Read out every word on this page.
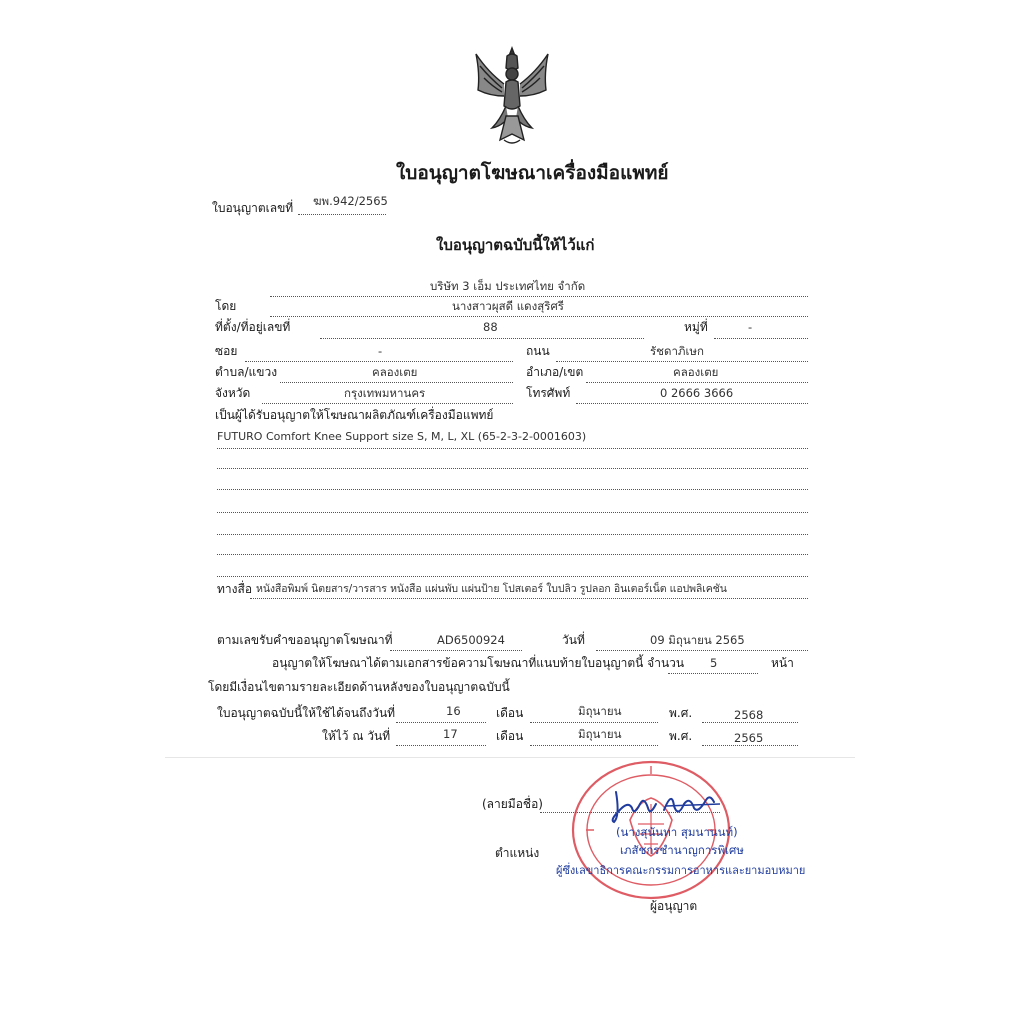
ใบอนุญาตโฆษณาเครื่องมือแพทย์
ใบอนุญาตเลขที่ ฆพ.942/2565
ใบอนุญาตฉบับนี้ให้ไว้แก่
บริษัท 3 เอ็ม ประเทศไทย จำกัด
โดย	นางสาวผุสดี แดงสุริศรี
ที่ตั้ง/ที่อยู่เลขที่	88	หมู่ที่	-
ซอย	-	ถนน	รัชดาภิเษก
ตำบล/แขวง	คลองเตย	อำเภอ/เขต	คลองเตย
จังหวัด	กรุงเทพมหานคร	โทรศัพท์	0 2666 3666
เป็นผู้ได้รับอนุญาตให้โฆษณาผลิตภัณฑ์เครื่องมือแพทย์
FUTURO Comfort Knee Support size S, M, L, XL (65-2-3-2-0001603)
ทางสื่อ หนังสือพิมพ์ นิตยสาร/วารสาร หนังสือ แผ่นพับ แผ่นป้าย โปสเตอร์ ใบปลิว รูปลอก อินเตอร์เน็ต แอปพลิเคชัน
ตามเลขรับคำขออนุญาตโฆษณาที่	AD6500924	วันที่	09 มิถุนายน 2565
อนุญาตให้โฆษณาได้ตามเอกสารข้อความโฆษณาที่แนบท้ายใบอนุญาตนี้ จำนวน 5	หน้า
โดยมีเงื่อนไขตามรายละเอียดด้านหลังของใบอนุญาตฉบับนี้
ใบอนุญาตฉบับนี้ให้ใช้ได้จนถึงวันที่	16	เดือน	มิถุนายน	พ.ศ.	2568
ให้ไว้ ณ วันที่	17	เดือน	มิถุนายน	พ.ศ.	2565
(ลายมือชื่อ)
(นางสุนันทา สุมนานนท์)
ตำแหน่ง	เภสัชกรชำนาญการพิเศษ
ผู้ซึ่งเลขาธิการคณะกรรมการอาหารและยามอบหมาย
ผู้อนุญาต
